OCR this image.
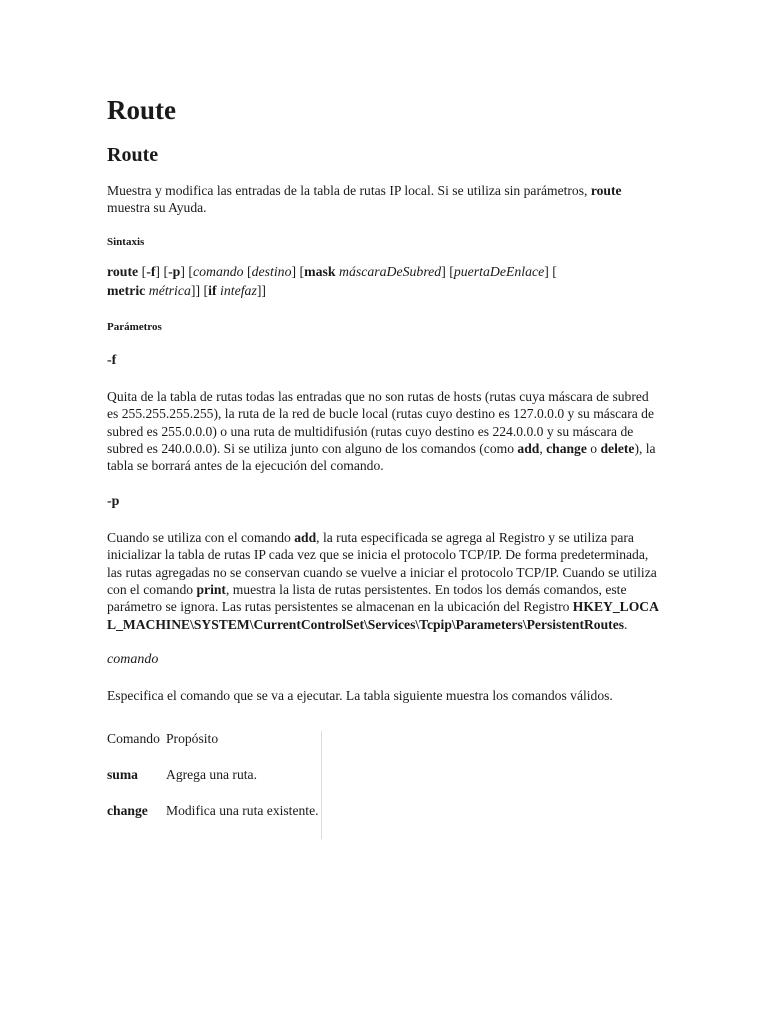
Route
Route

Muestra y modifica las entradas de la tabla de rutas IP local. Si se utiliza sin parámetros, route muestra su Ayuda.

Sintaxis

route [-f] [-p] [comando [destino] [mask máscaraDeSubred] [puertaDeEnlace] [
metric métrica]] [if intefaz]]

Parámetros

-f

Quita de la tabla de rutas todas las entradas que no son rutas de hosts (rutas cuya máscara de subred es 255.255.255.255), la ruta de la red de bucle local (rutas cuyo destino es 127.0.0.0 y su máscara de subred es 255.0.0.0) o una ruta de multidifusión (rutas cuyo destino es 224.0.0.0 y su máscara de subred es 240.0.0.0). Si se utiliza junto con alguno de los comandos (como add, change o delete), la tabla se borrará antes de la ejecución del comando.

-p

Cuando se utiliza con el comando add, la ruta especificada se agrega al Registro y se utiliza para inicializar la tabla de rutas IP cada vez que se inicia el protocolo TCP/IP. De forma predeterminada, las rutas agregadas no se conservan cuando se vuelve a iniciar el protocolo TCP/IP. Cuando se utiliza con el comando print, muestra la lista de rutas persistentes. En todos los demás comandos, este parámetro se ignora. Las rutas persistentes se almacenan en la ubicación del Registro HKEY_LOCAL_MACHINE\SYSTEM\CurrentControlSet\Services\Tcpip\Parameters\PersistentRoutes.

comando

Especifica el comando que se va a ejecutar. La tabla siguiente muestra los comandos válidos.

Comando	Propósito
suma	Agrega una ruta.
change	Modifica una ruta existente.
